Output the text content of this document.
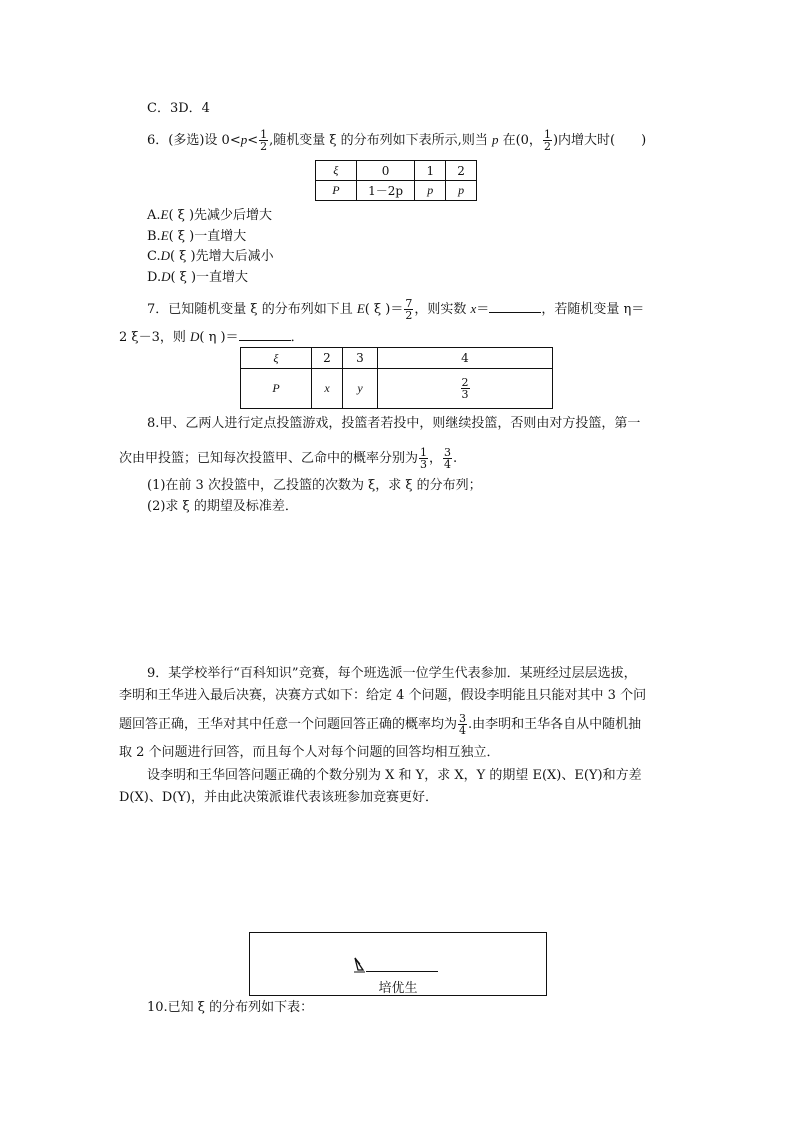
C．3D．4
6．(多选)设 $0<p< \frac{1}{2}$ ,随机变量 ξ 的分布列如下表所示,则当 p 在(0， $\frac{1}{2}$ )内增大时(　　)
ξ	0	1	2
P	1－2p	p	p
A.E( ξ )先减少后增大
B.E( ξ )一直增大
C.D( ξ )先增大后减小
D.D( ξ )一直增大
7．已知随机变量 ξ 的分布列如下且 E( ξ )＝ $\frac{7}{2}$ ，则实数 x＝	，若随机变量 η＝
2 ξ－3，则 D( η )＝	．
ξ	2	3	4
P	x	y	$\frac{2}{3}$
8.甲、乙两人进行定点投篮游戏，投篮者若投中，则继续投篮，否则由对方投篮，第一
次由甲投篮；已知每次投篮甲、乙命中的概率分别为 $\frac{1}{3}$ ， $\frac{3}{4}$ .
(1)在前 3 次投篮中，乙投篮的次数为 ξ，求 ξ 的分布列；
(2)求 ξ 的期望及标准差．
9．某学校举行“百科知识”竞赛，每个班选派一位学生代表参加．某班经过层层选拔，
李明和王华进入最后决赛，决赛方式如下：给定 4 个问题，假设李明能且只能对其中 3 个问
题回答正确，王华对其中任意一个问题回答正确的概率均为 $\frac{3}{4}$ .由李明和王华各自从中随机抽
取 2 个问题进行回答，而且每个人对每个问题的回答均相互独立．
设李明和王华回答问题正确的个数分别为 X 和 Y，求 X，Y 的期望 E(X)、E(Y)和方差
D(X)、D(Y)，并由此决策派谁代表该班参加竞赛更好．
培优生
10.已知 ξ 的分布列如下表：
